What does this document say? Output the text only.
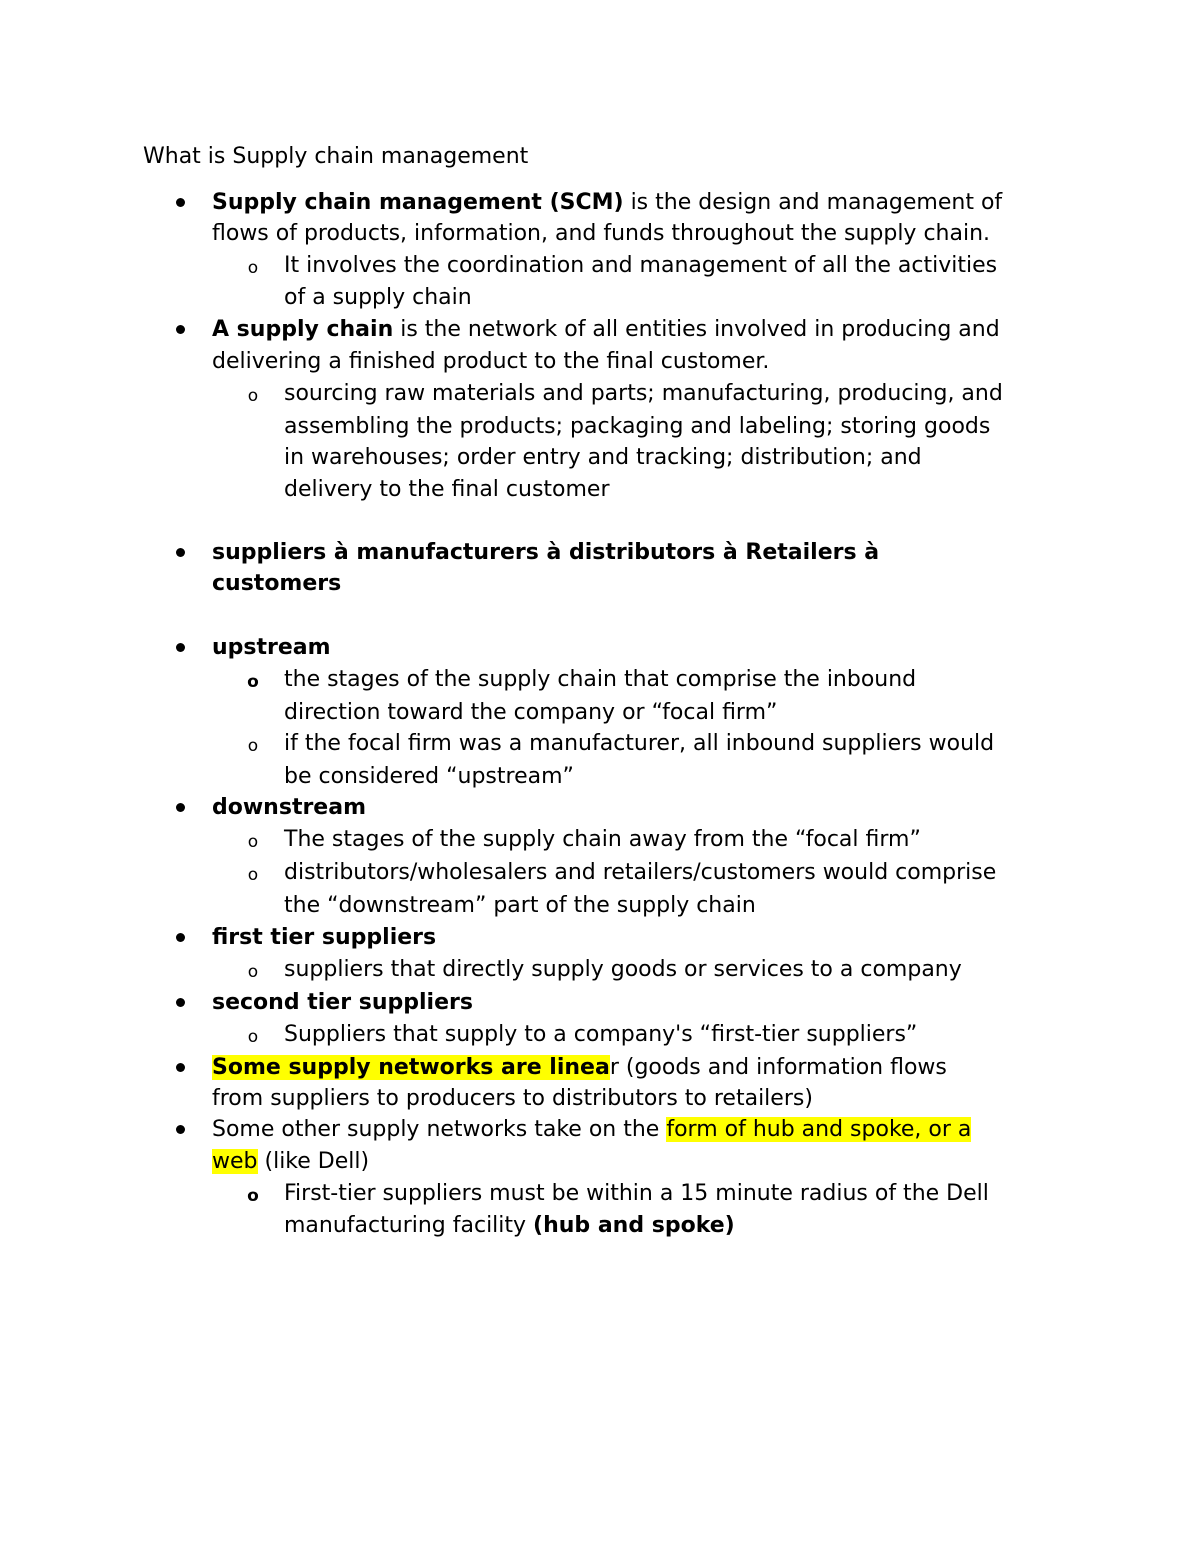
What is Supply chain management
Supply chain management (SCM) is the design and management of
flows of products, information, and funds throughout the supply chain.
o It involves the coordination and management of all the activities
of a supply chain
A supply chain is the network of all entities involved in producing and
delivering a finished product to the final customer.
o sourcing raw materials and parts; manufacturing, producing, and
assembling the products; packaging and labeling; storing goods
in warehouses; order entry and tracking; distribution; and
delivery to the final customer
suppliers à manufacturers à distributors à Retailers à
customers
upstream
o the stages of the supply chain that comprise the inbound
direction toward the company or “focal firm”
o if the focal firm was a manufacturer, all inbound suppliers would
be considered “upstream”
downstream
o The stages of the supply chain away from the “focal firm”
o distributors/wholesalers and retailers/customers would comprise
the “downstream” part of the supply chain
first tier suppliers
o suppliers that directly supply goods or services to a company
second tier suppliers
o Suppliers that supply to a company's “first-tier suppliers”
Some supply networks are linear (goods and information flows
from suppliers to producers to distributors to retailers)
Some other supply networks take on the form of hub and spoke, or a
web (like Dell)
o First-tier suppliers must be within a 15 minute radius of the Dell
manufacturing facility (hub and spoke)
